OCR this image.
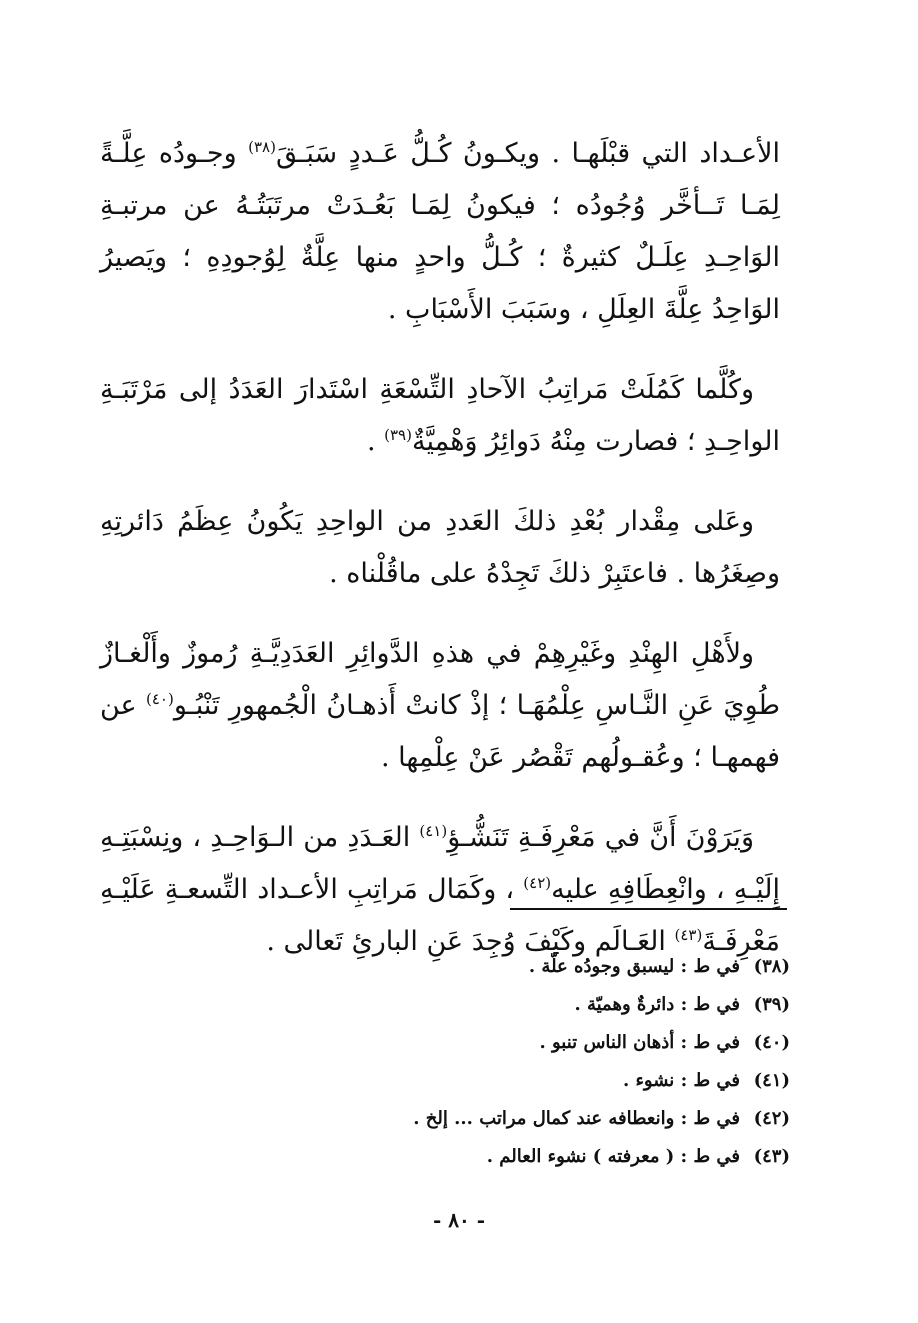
الأعـداد التي قبْلَهـا . ويكـونُ كُـلُّ عَـددٍ سَبَـقَ$^{(٣٨)}$ وجـودُه عِلَّـةً لِمَـا تَــأخَّر وُجُودُه ؛ فيكونُ لِمَـا بَعُـدَتْ مرتَبَتُـهُ عن مرتبـةِ الوَاحِـدِ عِلَـلٌ كثيرةٌ ؛ كُـلُّ واحدٍ منها عِلَّةٌ لِوُجودِهِ ؛ ويَصيرُ الوَاحِدُ عِلَّةَ العِلَلِ ، وسَبَبَ الأَسْبَابِ .

وكُلَّما كَمُلَتْ مَراتِبُ الآحادِ التِّسْعَةِ اسْتَدارَ العَدَدُ إلى مَرْتَبَـةِ الواحِـدِ ؛ فصارت مِنْهُ دَوائِرُ وَهْمِيَّةٌ$^{(٣٩)}$ .

وعَلى مِقْدار بُعْدِ ذلكَ العَددِ من الواحِدِ يَكُونُ عِظَمُ دَائرتِهِ وصِغَرُها . فاعتَبِرْ ذلكَ تَجِدْهُ على ماقُلْناه .

ولأَهْلِ الهِنْدِ وغَيْرِهِمْ في هذهِ الدَّوائِرِ العَدَدِيَّـةِ رُموزٌ وأَلْغـازٌ طُوِيَ عَنِ النَّـاسِ عِلْمُهَـا ؛ إذْ كانتْ أَذهـانُ الْجُمهورِ تَنْبُـو$^{(٤٠)}$ عن فهمهـا ؛ وعُقـولُهم تَقْصُر عَنْ عِلْمِها .

وَيَرَوْنَ أَنَّ في مَعْرِفَـةِ تَنَشُّـؤِ$^{(٤١)}$ العَـدَدِ من الـوَاحِـدِ ، ونِسْبَتِـهِ إِلَيْـهِ ، وانْعِطَافِهِ عليه$^{(٤٢)}$ ، وكَمَال مَراتِبِ الأعـداد التِّسعـةِ عَلَيْـهِ مَعْرِفَـةَ$^{(٤٣)}$ العَـالَم وكَيْفَ وُجِدَ عَنِ البارئِ تَعالى .

(٣٨)
في ط : ليسبق وجودُه علّة .
(٣٩)
في ط : دائرةٌ وهميّة .
(٤٠)
في ط : أذهان الناس تنبو .
(٤١)
في ط : نشوء .
(٤٢)
في ط : وانعطافه عند كمال مراتب ... إلخ .
(٤٣)
في ط : ( معرفته ) نشوء العالم .
- ٨٠ -
